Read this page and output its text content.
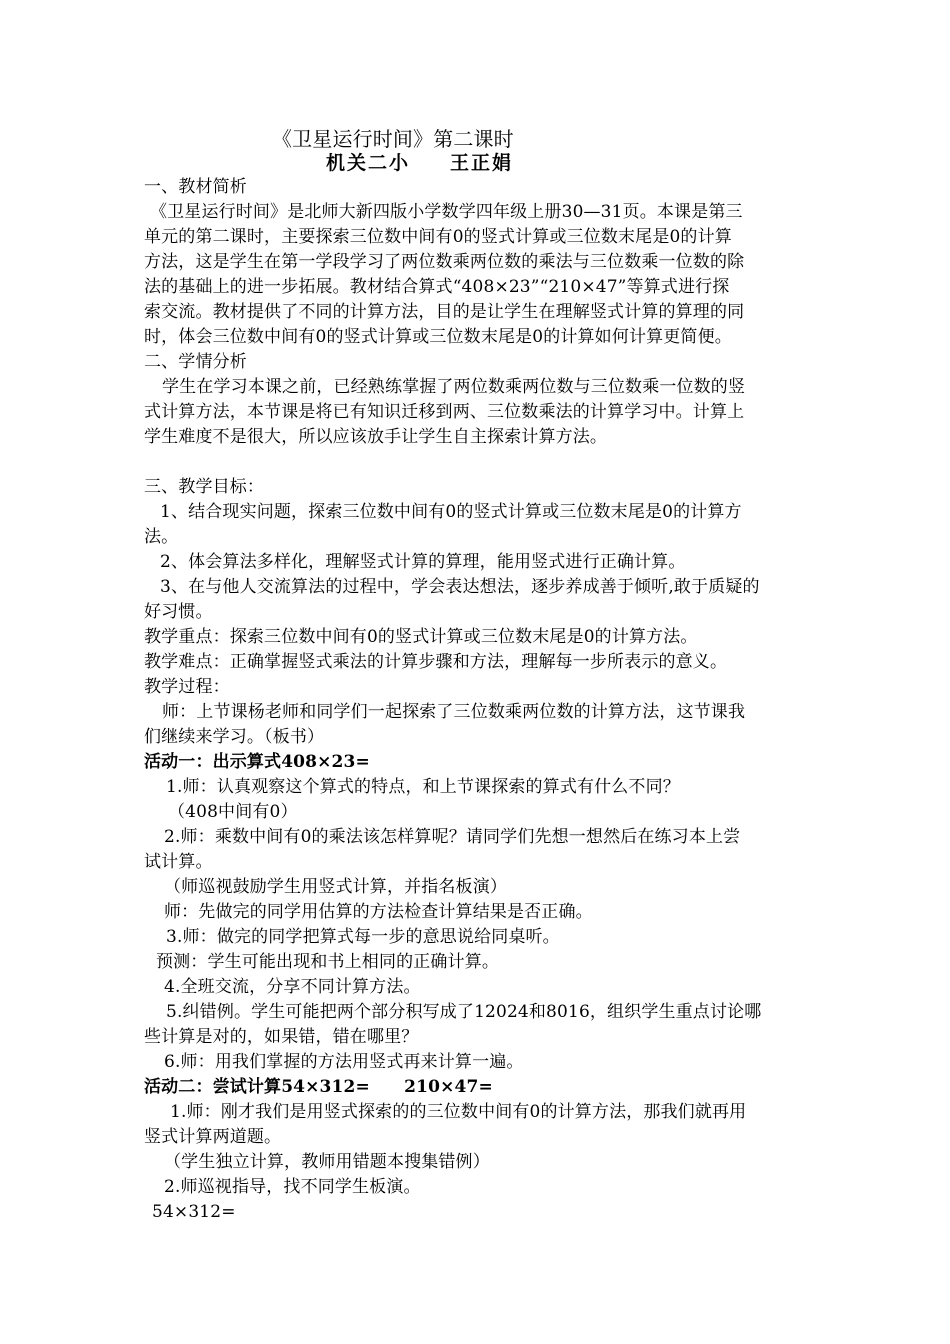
《卫星运行时间》第二课时
机关二小 王正娟
一、教材简析
《卫星运行时间》是北师大新四版小学数学四年级上册30—31页。本课是第三
单元的第二课时，主要探索三位数中间有0的竖式计算或三位数末尾是0的计算
方法，这是学生在第一学段学习了两位数乘两位数的乘法与三位数乘一位数的除
法的基础上的进一步拓展。教材结合算式“408×23”“210×47”等算式进行探
索交流。教材提供了不同的计算方法，目的是让学生在理解竖式计算的算理的同
时，体会三位数中间有0的竖式计算或三位数末尾是0的计算如何计算更简便。
二、学情分析
学生在学习本课之前，已经熟练掌握了两位数乘两位数与三位数乘一位数的竖
式计算方法，本节课是将已有知识迁移到两、三位数乘法的计算学习中。计算上
学生难度不是很大，所以应该放手让学生自主探索计算方法。
三、教学目标：
1、结合现实问题，探索三位数中间有0的竖式计算或三位数末尾是0的计算方
法。
2、体会算法多样化，理解竖式计算的算理，能用竖式进行正确计算。
3、在与他人交流算法的过程中，学会表达想法，逐步养成善于倾听,敢于质疑的
好习惯。
教学重点：探索三位数中间有0的竖式计算或三位数末尾是0的计算方法。
教学难点：正确掌握竖式乘法的计算步骤和方法，理解每一步所表示的意义。
教学过程：
师：上节课杨老师和同学们一起探索了三位数乘两位数的计算方法，这节课我
们继续来学习。（板书）
活动一：出示算式408×23=
1.师：认真观察这个算式的特点，和上节课探索的算式有什么不同？
（408中间有0）
2.师：乘数中间有0的乘法该怎样算呢？请同学们先想一想然后在练习本上尝
试计算。
（师巡视鼓励学生用竖式计算，并指名板演）
师：先做完的同学用估算的方法检查计算结果是否正确。
3.师：做完的同学把算式每一步的意思说给同桌听。
预测：学生可能出现和书上相同的正确计算。
4.全班交流，分享不同计算方法。
5.纠错例。学生可能把两个部分积写成了12024和8016，组织学生重点讨论哪
些计算是对的，如果错，错在哪里？
6.师：用我们掌握的方法用竖式再来计算一遍。
活动二：尝试计算54×312=　　210×47=
1.师：刚才我们是用竖式探索的的三位数中间有0的计算方法，那我们就再用
竖式计算两道题。
（学生独立计算，教师用错题本搜集错例）
2.师巡视指导，找不同学生板演。
54×312=
